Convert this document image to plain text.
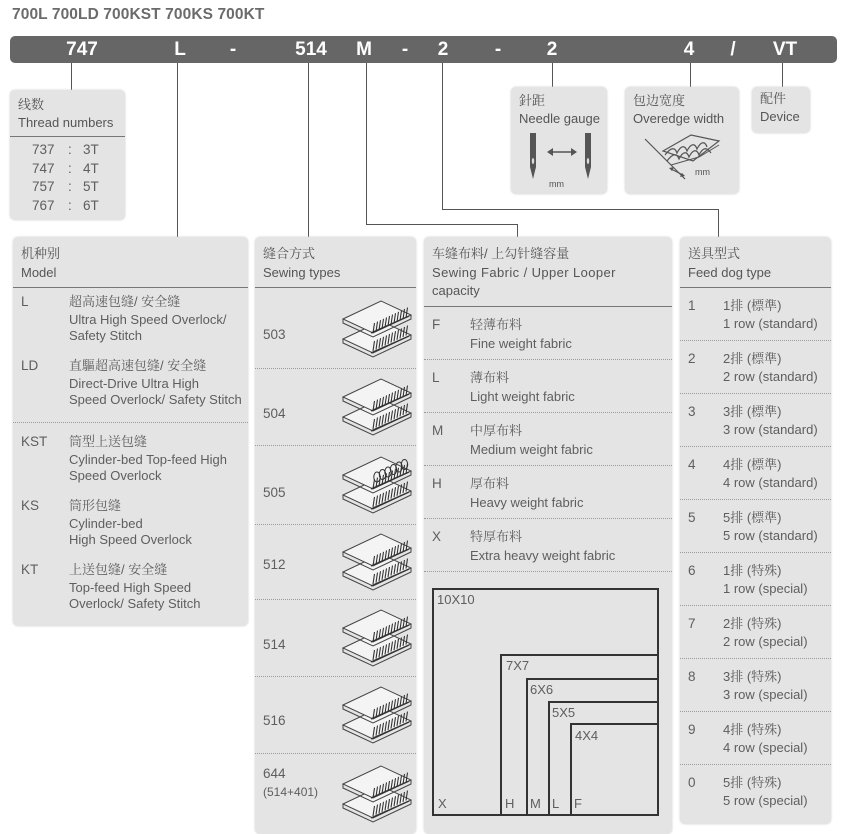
700L 700LD 700KST 700KS 700KT
747	L	-	514	M	-	2	-	2	4	/	VT
线数
Thread numbers
737 : 3T
747 : 4T
757 : 5T
767 : 6T
針距
Needle gauge
mm
包边宽度
Overedge width
mm
配件
Device
机种别
Model
L	超高速包缝/ 安全缝
Ultra High Speed Overlock/
Safety Stitch
LD 直驅超高速包缝/ 安全缝
Direct-Drive Ultra High
Speed Overlock/ Safety Stitch
KST 筒型上送包缝
Cylinder-bed Top-feed High
Speed Overlock
KS 筒形包缝
Cylinder-bed
High Speed Overlock
KT 上送包缝/ 安全缝
Top-feed High Speed
Overlock/ Safety Stitch
缝合方式
Sewing types
503
504
505
512
514
516
644
(514+401)
车缝布料/ 上勾针缝容量
Sewing Fabric / Upper Looper
capacity
F 轻薄布料
Fine weight fabric
L 薄布料
Light weight fabric
M 中厚布料
Medium weight fabric
H 厚布料
Heavy weight fabric
X 特厚布料
Extra heavy weight fabric
10X10
7X7
6X6
5X5
4X4
X	H M L F
送具型式
Feed dog type
1 1排 (標準)
1 row (standard)
2 2排 (標準)
2 row (standard)
3 3排 (標準)
3 row (standard)
4 4排 (標準)
4 row (standard)
5 5排 (標準)
5 row (standard)
6 1排 (特殊)
1 row (special)
7 2排 (特殊)
2 row (special)
8 3排 (特殊)
3 row (special)
9 4排 (特殊)
4 row (special)
0 5排 (特殊)
5 row (special)
